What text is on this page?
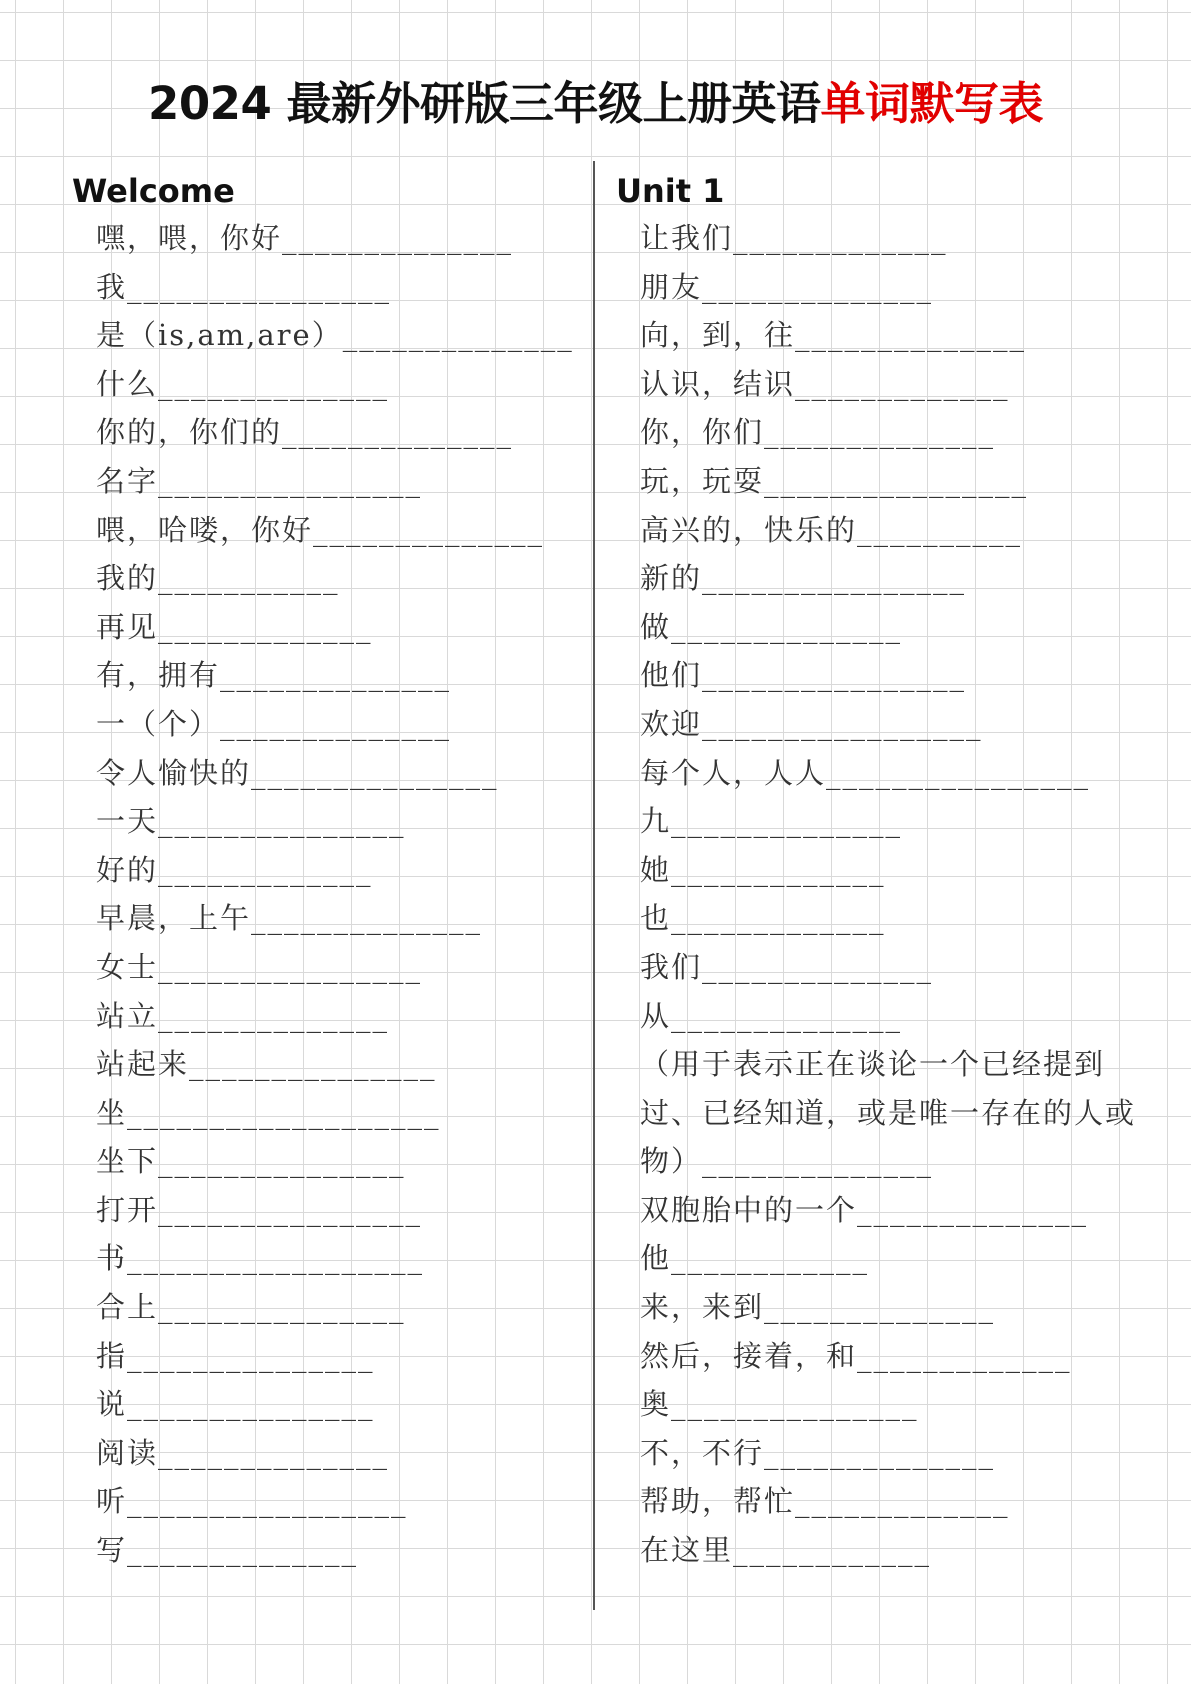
2024 最新外研版三年级上册英语单词默写表
Welcome
嘿，喂，你好______________
我________________
是（is,am,are）______________
什么______________
你的，你们的______________
名字________________
喂，哈喽，你好______________
我的___________
再见_____________
有，拥有______________
一（个）______________
令人愉快的_______________
一天_______________
好的_____________
早晨，上午______________
女士________________
站立______________
站起来_______________
坐___________________
坐下_______________
打开________________
书__________________
合上_______________
指_______________
说_______________
阅读______________
听_________________
写______________
Unit 1
让我们_____________
朋友______________
向，到，往______________
认识，结识_____________
你，你们______________
玩，玩耍________________
高兴的，快乐的__________
新的________________
做______________
他们________________
欢迎_________________
每个人，人人________________
九______________
她_____________
也_____________
我们______________
从______________
（用于表示正在谈论一个已经提到过、已经知道，或是唯一存在的人或物）______________
双胞胎中的一个______________
他____________
来，来到______________
然后，接着，和_____________
奥_______________
不，不行______________
帮助，帮忙_____________
在这里____________
